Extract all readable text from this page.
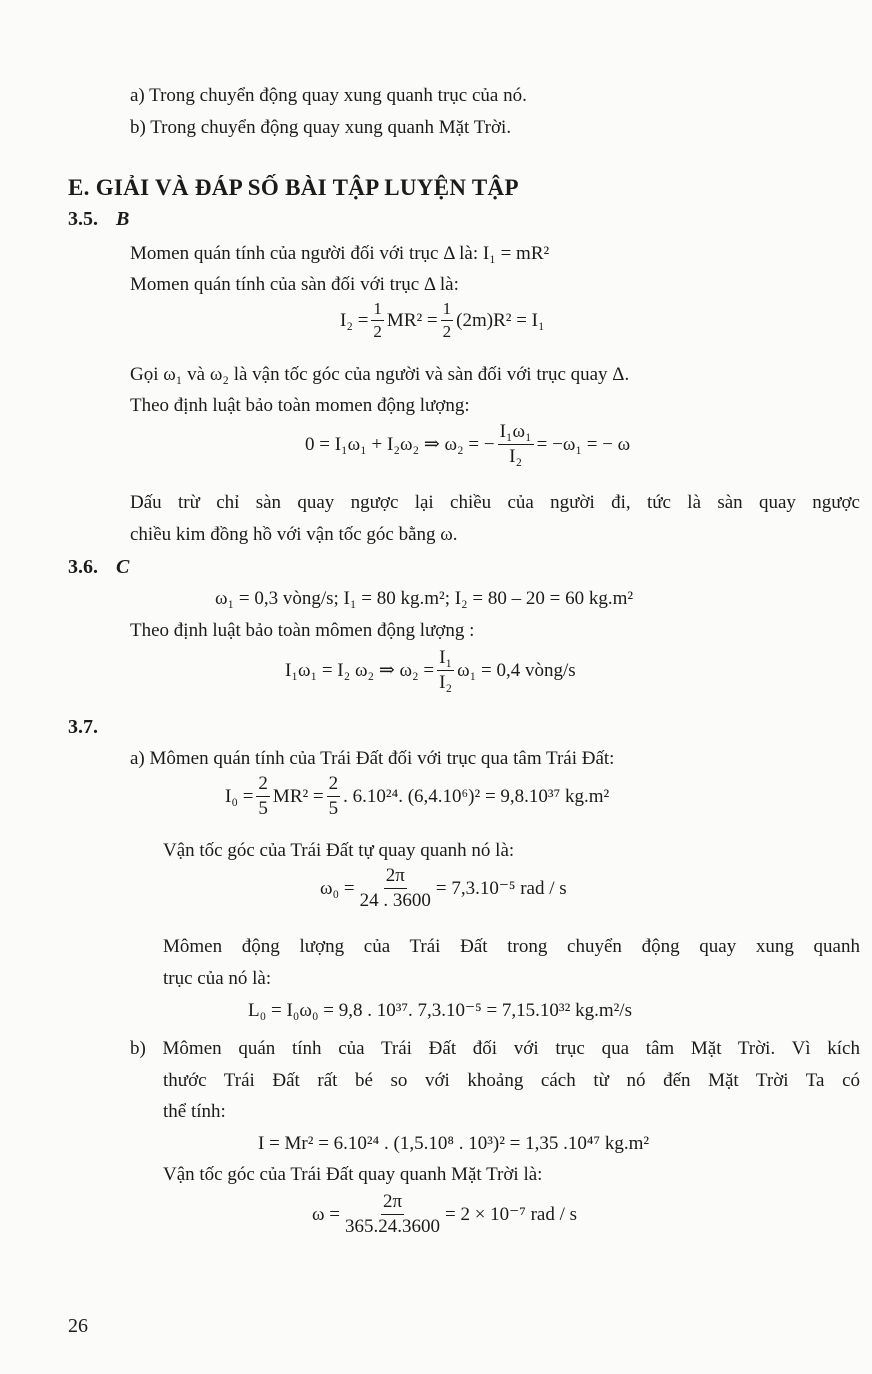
a) Trong chuyển động quay xung quanh trục của nó.
b) Trong chuyển động quay xung quanh Mặt Trời.
E. GIẢI VÀ ĐÁP SỐ BÀI TẬP LUYỆN TẬP
3.5. B
Momen quán tính của người đối với trục Δ là: I₁ = mR²
Momen quán tính của sàn đối với trục Δ là:
$I_2 = \frac{1}{2} MR^2 = \frac{1}{2} (2m)R^2 = I_1$
Gọi ω₁ và ω₂ là vận tốc góc của người và sàn đối với trục quay Δ.
Theo định luật bảo toàn momen động lượng:
0 = I₁ω₁ + I₂ω₂ ⇒ ω₂ = − $\frac{\text{I₁ω₁}}{\text{I₂}} = -\omega_1$ = − ω
Dấu trừ chỉ sàn quay ngược lại chiều của người đi, tức là sàn quay ngược
chiều kim đồng hồ với vận tốc góc bằng ω.
3.6. C
ω₁ = 0,3 vòng/s; I₁ = 80 kg.m²; I₂ = 80 – 20 = 60 kg.m²
Theo định luật bảo toàn mômen động lượng :
I₁ω₁ = I₂ ω₂ ⇒ $\omega_2 = \frac{\text{I₁}}{\text{I₂}} \omega_1 = 0,4$ vòng/s
3.7.
a) Mômen quán tính của Trái Đất đối với trục qua tâm Trái Đất:
$I_0 = \frac{2}{5} MR^2 = \frac{2}{5}$ . 6.10²⁴. (6,4.10⁶)² = 9,8.10³⁷ kg.m²
Vận tốc góc của Trái Đất tự quay quanh nó là:
$\omega_0 = \frac{2\pi}{24 . 3600} = 7,3.10^{-5}$ rad / s
Mômen động lượng của Trái Đất trong chuyển động quay xung quanh
trục của nó là:
L₀ = I₀ω₀ = 9,8 . 10³⁷. 7,3.10⁻⁵ = 7,15.10³² kg.m²/s
b) Mômen quán tính của Trái Đất đối với trục qua tâm Mặt Trời. Vì kích
thước Trái Đất rất bé so với khoảng cách từ nó đến Mặt Trời Ta có
thể tính:
I = Mr² = 6.10²⁴ . (1,5.10⁸ . 10³)² = 1,35 .10⁴⁷ kg.m²
Vận tốc góc của Trái Đất quay quanh Mặt Trời là:
$\omega = \frac{2\pi}{365.24.3600} = 2 \times 10^{-7}$ rad / s
26
